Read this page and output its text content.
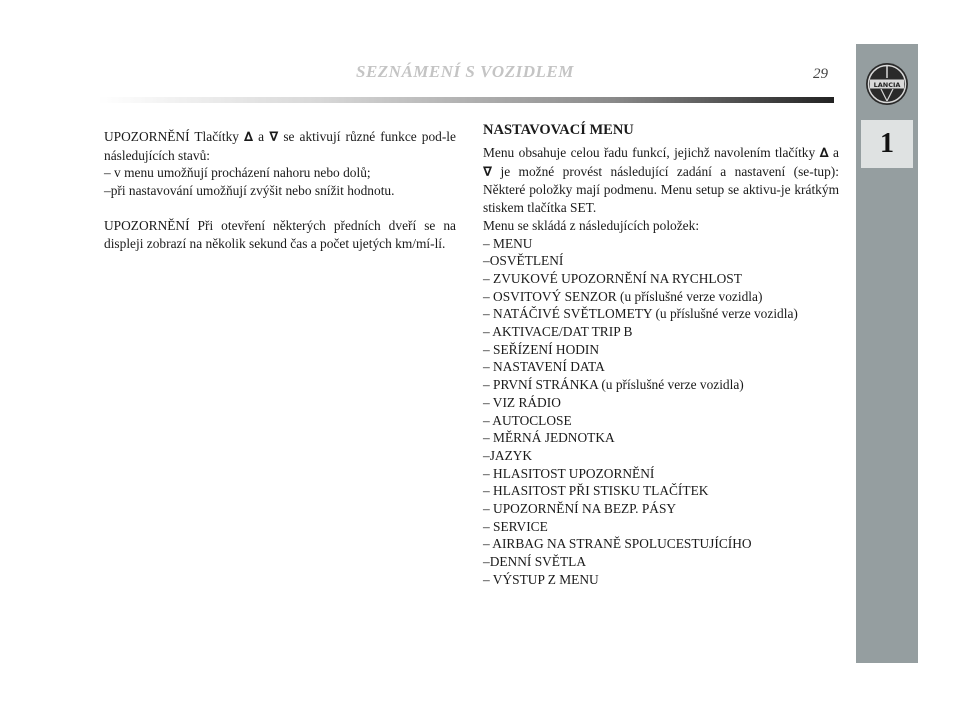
SEZNÁMENÍ S VOZIDLEM	29
LANCIA
1

UPOZORNĚNÍ Tlačítky ∆ a ∇ se aktivují různé funkce pod-le následujících stavů:

– v menu umožňují procházení nahoru nebo dolů;

–při nastavování umožňují zvýšit nebo snížit hodnotu.

UPOZORNĚNÍ Při otevření některých předních dveří se na displeji zobrazí na několik sekund čas a počet ujetých km/mí-lí.

NASTAVOVACÍ MENU

Menu obsahuje celou řadu funkcí, jejichž navolením tlačítky ∆ a ∇ je možné provést následující zadání a nastavení (se-tup): Některé položky mají podmenu. Menu setup se aktivu-je krátkým stiskem tlačítka SET.

Menu se skládá z následujících položek:

– MENU
–OSVĚTLENÍ
– ZVUKOVÉ UPOZORNĚNÍ NA RYCHLOST
– OSVITOVÝ SENZOR (u příslušné verze vozidla)
– NATÁČIVÉ SVĚTLOMETY (u příslušné verze vozidla)
– AKTIVACE/DAT TRIP B
– SEŘÍZENÍ HODIN
– NASTAVENÍ DATA
– PRVNÍ STRÁNKA (u příslušné verze vozidla)
– VIZ RÁDIO
– AUTOCLOSE
– MĚRNÁ JEDNOTKA
–JAZYK
– HLASITOST UPOZORNĚNÍ
– HLASITOST PŘI STISKU TLAČÍTEK
– UPOZORNĚNÍ NA BEZP. PÁSY
– SERVICE
– AIRBAG NA STRANĚ SPOLUCESTUJÍCÍHO
–DENNÍ SVĚTLA
– VÝSTUP Z MENU
